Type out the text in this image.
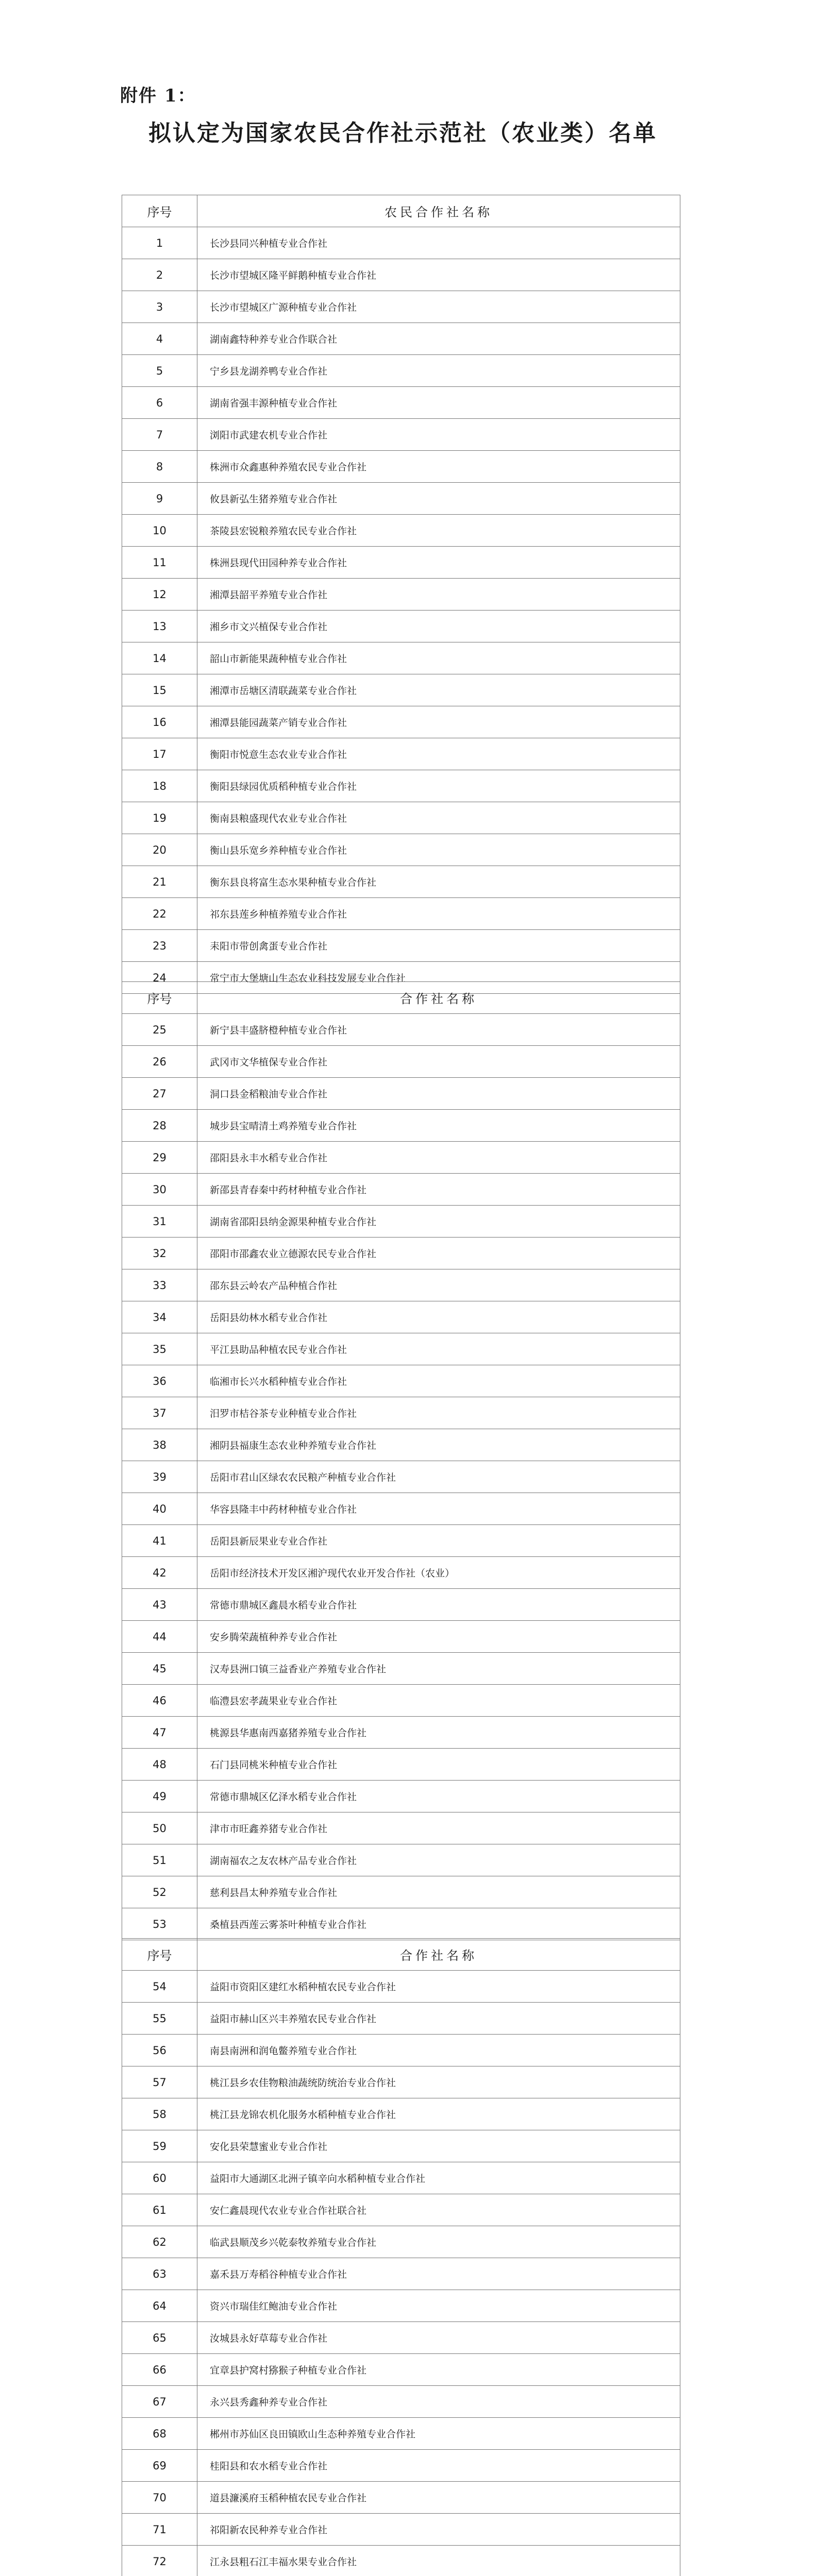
附件 1：
拟认定为国家农民合作社示范社（农业类）名单
序号	农民合作社名称
1	长沙县同兴种植专业合作社
2	长沙市望城区隆平鲜鹅种植专业合作社
3	长沙市望城区广源种植专业合作社
4	湖南鑫特种养专业合作联合社
5	宁乡县龙湖养鸭专业合作社
6	湖南省强丰源种植专业合作社
7	浏阳市武建农机专业合作社
8	株洲市众鑫惠种养殖农民专业合作社
9	攸县新弘生猪养殖专业合作社
10	茶陵县宏锐粮养殖农民专业合作社
11	株洲县现代田园种养专业合作社
12	湘潭县韶平养殖专业合作社
13	湘乡市文兴植保专业合作社
14	韶山市新能果蔬种植专业合作社
15	湘潭市岳塘区清联蔬菜专业合作社
16	湘潭县能园蔬菜产销专业合作社
17	衡阳市悦意生态农业专业合作社
18	衡阳县绿园优质稻种植专业合作社
19	衡南县粮盛现代农业专业合作社
20	衡山县乐宽乡养种植专业合作社
21	衡东县良将富生态水果种植专业合作社
22	祁东县莲乡种植养殖专业合作社
23	耒阳市带创禽蛋专业合作社
24	常宁市大堡塘山生态农业科技发展专业合作社
序号	合作社名称
25	新宁县丰盛脐橙种植专业合作社
26	武冈市文华植保专业合作社
27	洞口县金稻粮油专业合作社
28	城步县宝晴清土鸡养殖专业合作社
29	邵阳县永丰水稻专业合作社
30	新邵县青春秦中药材种植专业合作社
31	湖南省邵阳县纳金源果种植专业合作社
32	邵阳市邵鑫农业立德源农民专业合作社
33	邵东县云岭农产品种植合作社
34	岳阳县幼林水稻专业合作社
35	平江县助品种植农民专业合作社
36	临湘市长兴水稻种植专业合作社
37	汨罗市桔谷茶专业种植专业合作社
38	湘阴县福康生态农业种养殖专业合作社
39	岳阳市君山区绿农农民粮产种植专业合作社
40	华容县隆丰中药材种植专业合作社
41	岳阳县新辰果业专业合作社
42	岳阳市经济技术开发区湘沪现代农业开发合作社（农业）
43	常德市鼎城区鑫晨水稻专业合作社
44	安乡腾荣蔬植种养专业合作社
45	汉寿县洲口镇三益香业产养殖专业合作社
46	临澧县宏孝蔬果业专业合作社
47	桃源县华惠南西嘉猪养殖专业合作社
48	石门县同桃米种植专业合作社
49	常德市鼎城区亿泽水稻专业合作社
50	津市市旺鑫养猪专业合作社
51	湖南福农之友农林产品专业合作社
52	慈利县昌太种养殖专业合作社
53	桑植县西莲云雾茶叶种植专业合作社
序号	合作社名称
54	益阳市资阳区建红水稻种植农民专业合作社
55	益阳市赫山区兴丰养殖农民专业合作社
56	南县南洲和润龟鳖养殖专业合作社
57	桃江县乡农佳物粮油蔬统防统治专业合作社
58	桃江县龙锦农机化服务水稻种植专业合作社
59	安化县荣慧蜜业专业合作社
60	益阳市大通湖区北洲子镇辛向水稻种植专业合作社
61	安仁鑫晨现代农业专业合作社联合社
62	临武县顺茂乡兴乾泰牧养殖专业合作社
63	嘉禾县万寿稻谷种植专业合作社
64	资兴市瑞佳红鲍油专业合作社
65	汝城县永好草莓专业合作社
66	宜章县护窝村猕猴子种植专业合作社
67	永兴县秀鑫种养专业合作社
68	郴州市苏仙区良田镇欧山生态种养殖专业合作社
69	桂阳县和农水稻专业合作社
70	道县濂溪府玉稻种植农民专业合作社
71	祁阳新农民种养专业合作社
72	江永县粗石江丰福水果专业合作社
